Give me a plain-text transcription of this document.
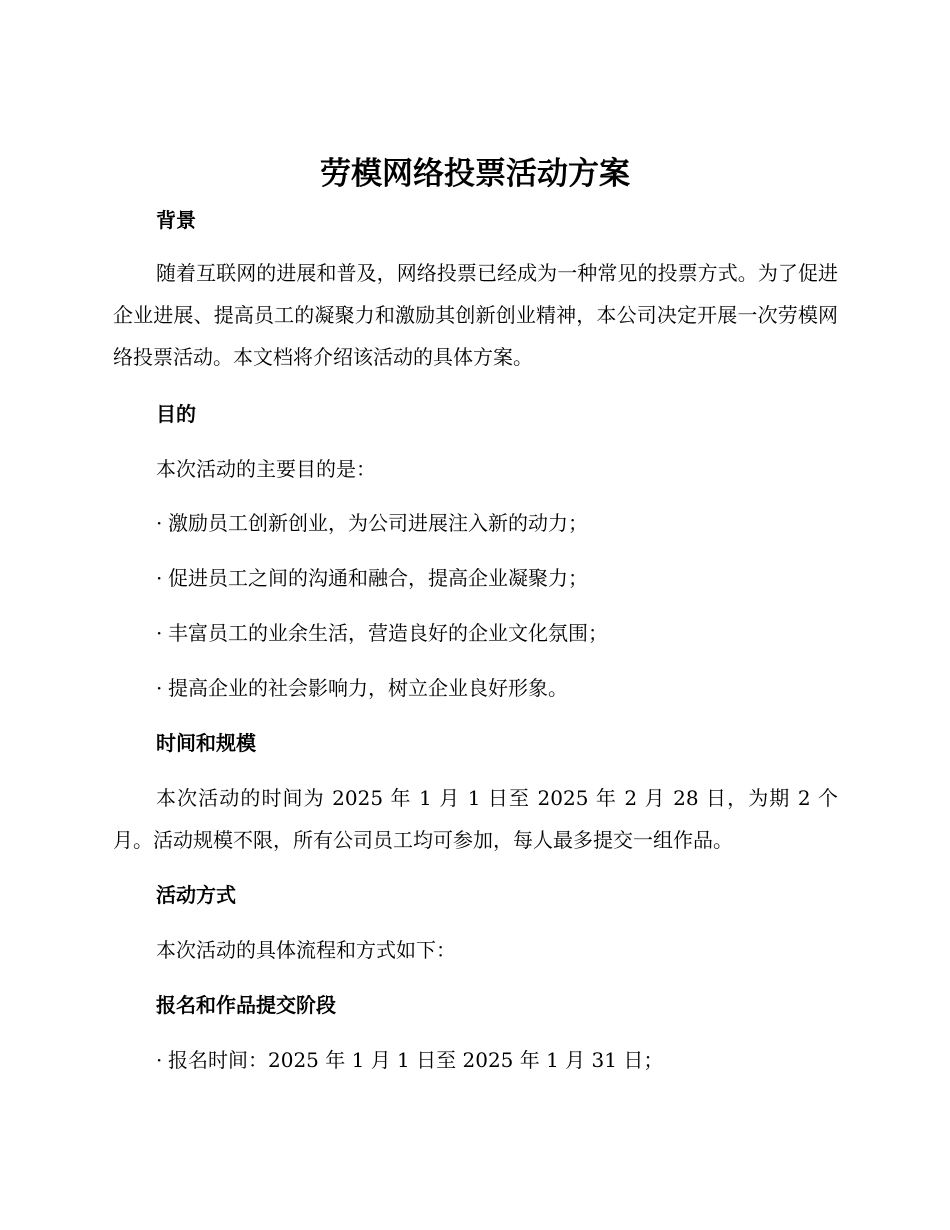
劳模网络投票活动方案
背景

随着互联网的进展和普及，网络投票已经成为一种常见的投票方式。为了促进企业进展、提高员工的凝聚力和激励其创新创业精神，本公司决定开展一次劳模网络投票活动。本文档将介绍该活动的具体方案。

目的
本次活动的主要目的是：
· 激励员工创新创业，为公司进展注入新的动力；
· 促进员工之间的沟通和融合，提高企业凝聚力；
· 丰富员工的业余生活，营造良好的企业文化氛围；
· 提高企业的社会影响力，树立企业良好形象。
时间和规模

本次活动的时间为 2025 年 1 月 1 日至 2025 年 2 月 28 日，为期 2 个月。活动规模不限，所有公司员工均可参加，每人最多提交一组作品。

活动方式
本次活动的具体流程和方式如下：
报名和作品提交阶段
· 报名时间：2025 年 1 月 1 日至 2025 年 1 月 31 日；
